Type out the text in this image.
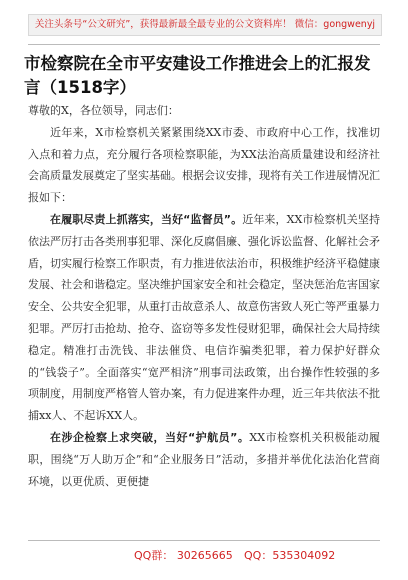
关注头条号“公文研究”，获得最新最全最专业的公文资料库！ 微信：gongwenyj
市检察院在全市平安建设工作推进会上的汇报发言（1518字）

尊敬的X，各位领导，同志们：

近年来，X市检察机关紧紧围绕XX市委、市政府中心工作，找准切入点和着力点，充分履行各项检察职能，为XX法治高质量建设和经济社会高质量发展奠定了坚实基础。根据会议安排，现将有关工作进展情况汇报如下：

在履职尽责上抓落实，当好“监督员”。近年来，XX市检察机关坚持依法严厉打击各类刑事犯罪、深化反腐倡廉、强化诉讼监督、化解社会矛盾，切实履行检察工作职责，有力推进依法治市，积极维护经济平稳健康发展、社会和谐稳定。坚决维护国家安全和社会稳定，坚决惩治危害国家安全、公共安全犯罪，从重打击故意杀人、故意伤害致人死亡等严重暴力犯罪。严厉打击抢劫、抢夺、盗窃等多发性侵财犯罪，确保社会大局持续稳定。精准打击洗钱、非法催贷、电信诈骗类犯罪，着力保护好群众的“钱袋子”。全面落实“宽严相济”刑事司法政策，出台操作性较强的多项制度，用制度严格管人管办案，有力促进案件办理，近三年共依法不批捕xx人、不起诉XX人。

在涉企检察上求突破，当好“护航员”。XX市检察机关积极能动履职，围绕“万人助万企”和“企业服务日”活动，多措并举优化法治化营商环境，以更优质、更便捷

QQ群： 30265665 QQ：535304092
